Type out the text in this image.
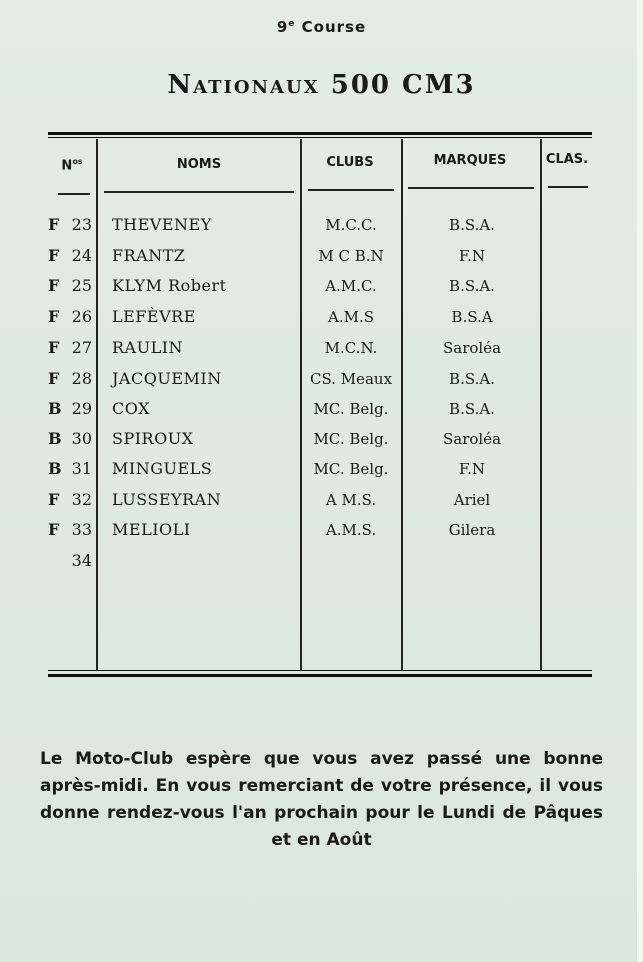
9e Course
Nationaux 500 CM3
$N^{os}$	NOMS	CLUBS	MARQUES	CLAS.
F 23 THEVENEY	M.C.C.	B.S.A.
F 24 FRANTZ	M C B.N	F.N
F 25 KLYM Robert	A.M.C.	B.S.A.
F 26 LEFÈVRE	A.M.S	B.S.A
F 27 RAULIN	M.C.N.	Saroléa
F 28 JACQUEMIN	CS. Meaux	B.S.A.
B 29 COX	MC. Belg.	B.S.A.
B 30 SPIROUX	MC. Belg.	Saroléa
B 31 MINGUELS	MC. Belg.	F.N
F 32 LUSSEYRAN	A M.S.	Ariel
F 33 MELIOLI	A.M.S.	Gilera
34
Le Moto-Club espère que vous avez passé une bonne après-midi. En vous remerciant de votre présence, il vous donne rendez-vous l'an prochain pour le Lundi de Pâques et en Août
